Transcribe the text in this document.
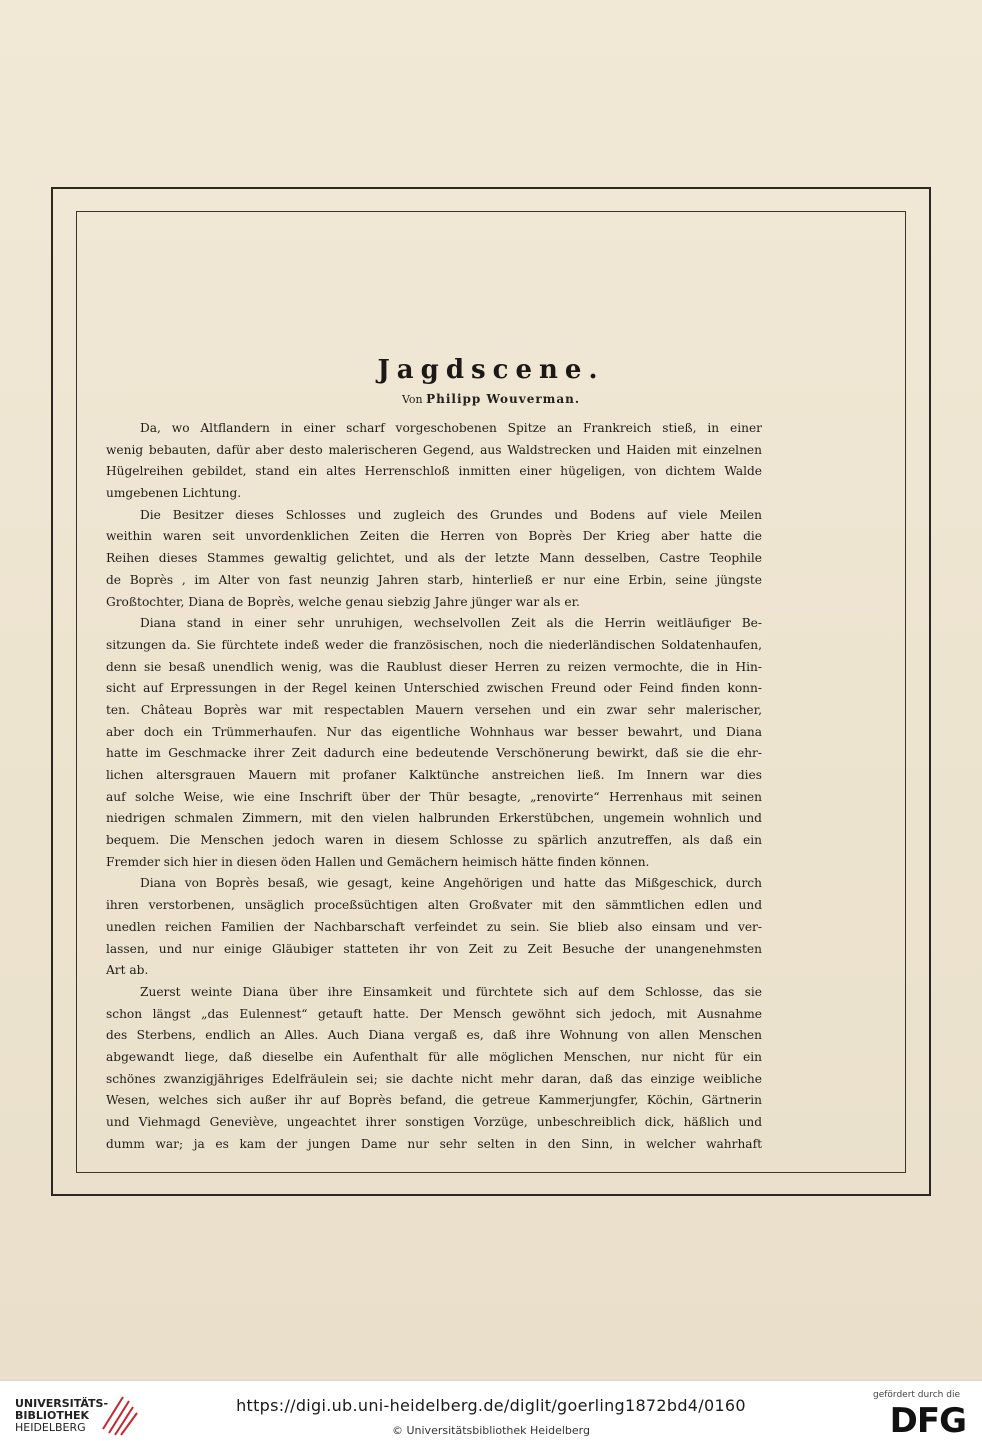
Jagdscene.
Von Philipp Wouverman.
Da, wo Altflandern in einer scharf vorgeschobenen Spitze an Frankreich stieß, in einer
wenig bebauten, dafür aber desto malerischeren Gegend, aus Waldstrecken und Haiden mit einzelnen
Hügelreihen gebildet, stand ein altes Herrenschloß inmitten einer hügeligen, von dichtem Walde
umgebenen Lichtung.
Die Besitzer dieses Schlosses und zugleich des Grundes und Bodens auf viele Meilen
weithin waren seit unvordenklichen Zeiten die Herren von Boprès Der Krieg aber hatte die
Reihen dieses Stammes gewaltig gelichtet, und als der letzte Mann desselben, Castre Teophile
de Boprès , im Alter von fast neunzig Jahren starb, hinterließ er nur eine Erbin, seine jüngste
Großtochter, Diana de Boprès, welche genau siebzig Jahre jünger war als er.
Diana stand in einer sehr unruhigen, wechselvollen Zeit als die Herrin weitläufiger Be-
sitzungen da. Sie fürchtete indeß weder die französischen, noch die niederländischen Soldatenhaufen,
denn sie besaß unendlich wenig, was die Raublust dieser Herren zu reizen vermochte, die in Hin-
sicht auf Erpressungen in der Regel keinen Unterschied zwischen Freund oder Feind finden konn-
ten. Château Boprès war mit respectablen Mauern versehen und ein zwar sehr malerischer,
aber doch ein Trümmerhaufen. Nur das eigentliche Wohnhaus war besser bewahrt, und Diana
hatte im Geschmacke ihrer Zeit dadurch eine bedeutende Verschönerung bewirkt, daß sie die ehr-
lichen altersgrauen Mauern mit profaner Kalktünche anstreichen ließ. Im Innern war dies
auf solche Weise, wie eine Inschrift über der Thür besagte, „renovirte“ Herrenhaus mit seinen
niedrigen schmalen Zimmern, mit den vielen halbrunden Erkerstübchen, ungemein wohnlich und
bequem. Die Menschen jedoch waren in diesem Schlosse zu spärlich anzutreffen, als daß ein
Fremder sich hier in diesen öden Hallen und Gemächern heimisch hätte finden können.
Diana von Boprès besaß, wie gesagt, keine Angehörigen und hatte das Mißgeschick, durch
ihren verstorbenen, unsäglich proceßsüchtigen alten Großvater mit den sämmtlichen edlen und
unedlen reichen Familien der Nachbarschaft verfeindet zu sein. Sie blieb also einsam und ver-
lassen, und nur einige Gläubiger statteten ihr von Zeit zu Zeit Besuche der unangenehmsten
Art ab.
Zuerst weinte Diana über ihre Einsamkeit und fürchtete sich auf dem Schlosse, das sie
schon längst „das Eulennest“ getauft hatte. Der Mensch gewöhnt sich jedoch, mit Ausnahme
des Sterbens, endlich an Alles. Auch Diana vergaß es, daß ihre Wohnung von allen Menschen
abgewandt liege, daß dieselbe ein Aufenthalt für alle möglichen Menschen, nur nicht für ein
schönes zwanzigjähriges Edelfräulein sei; sie dachte nicht mehr daran, daß das einzige weibliche
Wesen, welches sich außer ihr auf Boprès befand, die getreue Kammerjungfer, Köchin, Gärtnerin
und Viehmagd Genevièvе, ungeachtet ihrer sonstigen Vorzüge, unbeschreiblich dick, häßlich und
dumm war; ja es kam der jungen Dame nur sehr selten in den Sinn, in welcher wahrhaft
UNIVERSITÄTS-
BIBLIOTHEK
HEIDELBERG
https://digi.ub.uni-heidelberg.de/diglit/goerling1872bd4/0160
© Universitätsbibliothek Heidelberg
gefördert durch die
DFG
